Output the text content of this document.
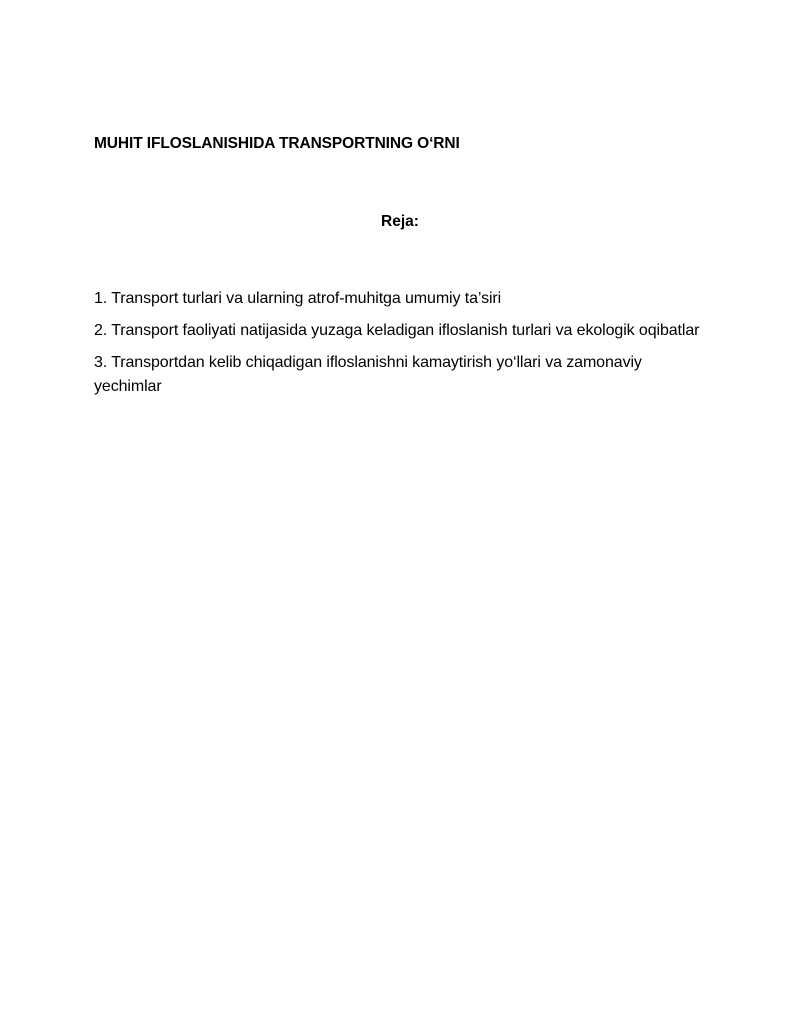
MUHIT IFLOSLANISHIDA TRANSPORTNING O‘RNI
Reja:
1. Transport turlari va ularning atrof-muhitga umumiy ta’siri
2. Transport faoliyati natijasida yuzaga keladigan ifloslanish turlari va ekologik oqibatlar
3. Transportdan kelib chiqadigan ifloslanishni kamaytirish yo‘llari va zamonaviy yechimlar
